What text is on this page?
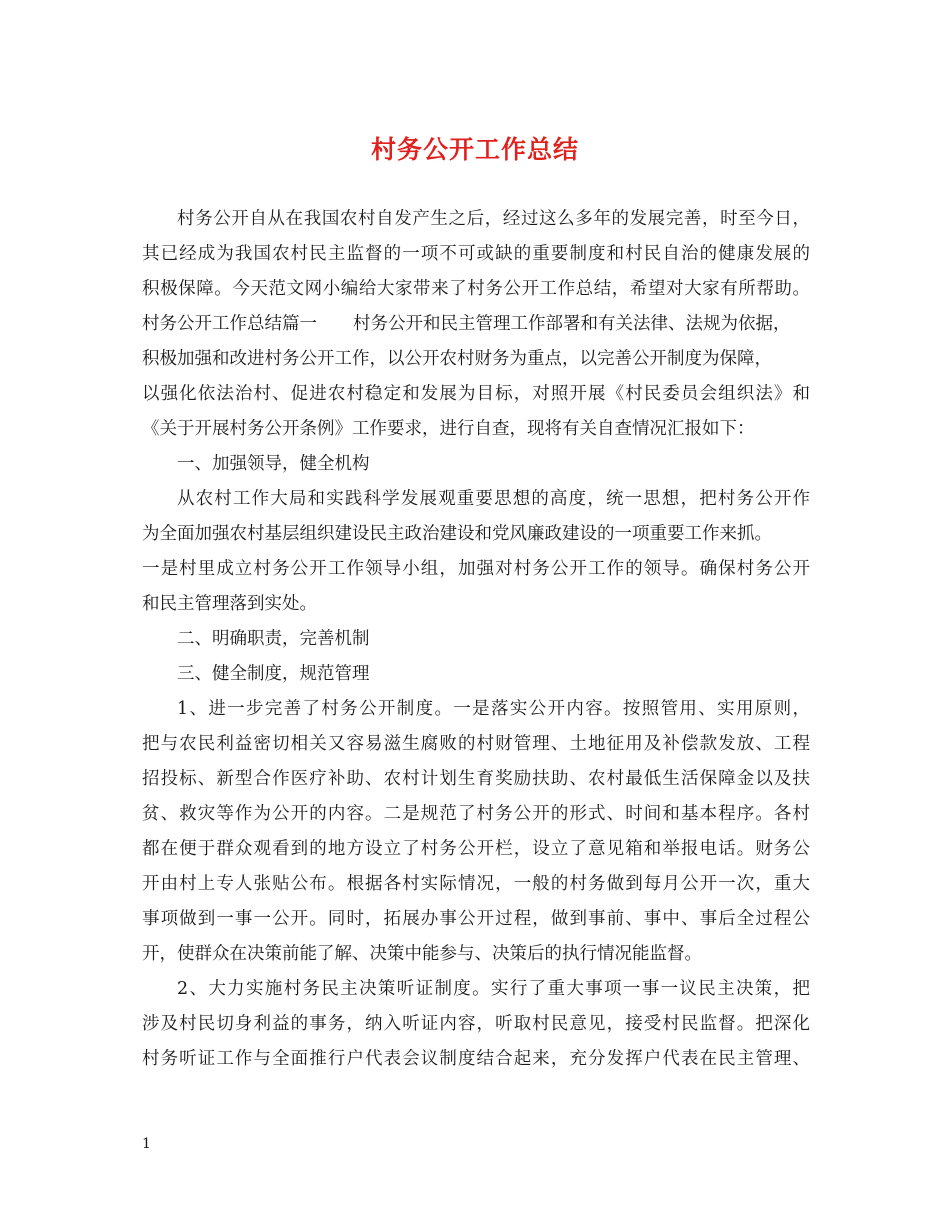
村务公开工作总结
村务公开自从在我国农村自发产生之后，经过这么多年的发展完善，时至今日，
其已经成为我国农村民主监督的一项不可或缺的重要制度和村民自治的健康发展的
积极保障。今天范文网小编给大家带来了村务公开工作总结，希望对大家有所帮助。
村务公开工作总结篇一 村务公开和民主管理工作部署和有关法律、法规为依据，
积极加强和改进村务公开工作，以公开农村财务为重点，以完善公开制度为保障，
以强化依法治村、促进农村稳定和发展为目标，对照开展《村民委员会组织法》和
《关于开展村务公开条例》工作要求，进行自查，现将有关自查情况汇报如下：
一、加强领导，健全机构
从农村工作大局和实践科学发展观重要思想的高度，统一思想，把村务公开作
为全面加强农村基层组织建设民主政治建设和党风廉政建设的一项重要工作来抓。
一是村里成立村务公开工作领导小组，加强对村务公开工作的领导。确保村务公开
和民主管理落到实处。
二、明确职责，完善机制
三、健全制度，规范管理
1、进一步完善了村务公开制度。一是落实公开内容。按照管用、实用原则，
把与农民利益密切相关又容易滋生腐败的村财管理、土地征用及补偿款发放、工程
招投标、新型合作医疗补助、农村计划生育奖励扶助、农村最低生活保障金以及扶
贫、救灾等作为公开的内容。二是规范了村务公开的形式、时间和基本程序。各村
都在便于群众观看到的地方设立了村务公开栏，设立了意见箱和举报电话。财务公
开由村上专人张贴公布。根据各村实际情况，一般的村务做到每月公开一次，重大
事项做到一事一公开。同时，拓展办事公开过程，做到事前、事中、事后全过程公
开，使群众在决策前能了解、决策中能参与、决策后的执行情况能监督。
2、大力实施村务民主决策听证制度。实行了重大事项一事一议民主决策，把
涉及村民切身利益的事务，纳入听证内容，听取村民意见，接受村民监督。把深化
村务听证工作与全面推行户代表会议制度结合起来，充分发挥户代表在民主管理、
1
